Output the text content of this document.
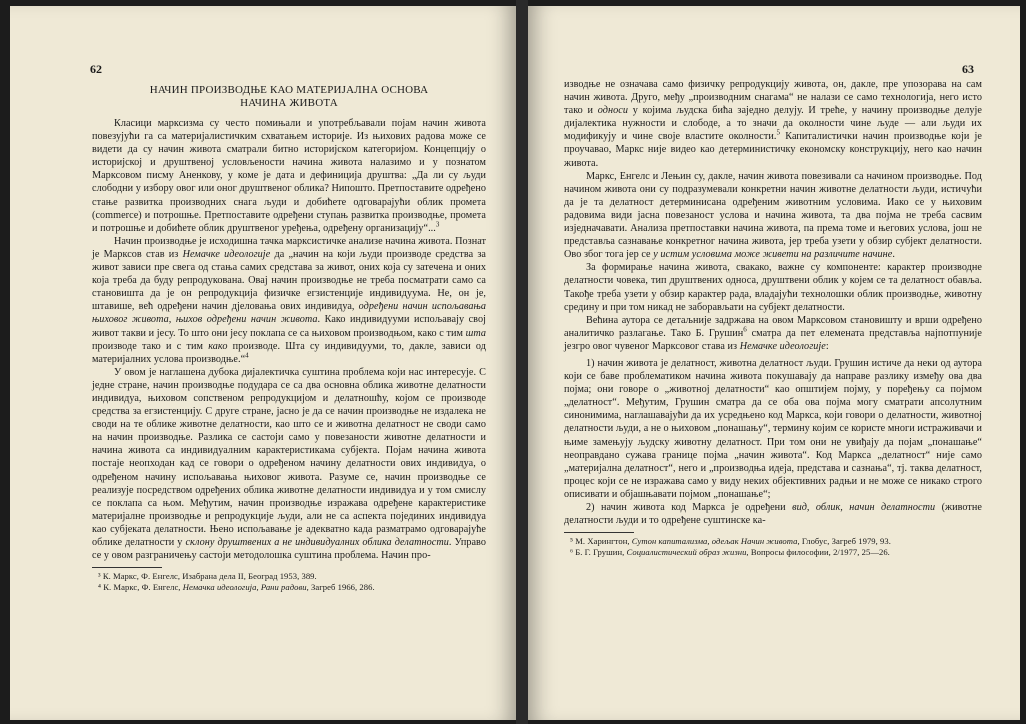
62
НАЧИН ПРОИЗВОДЊЕ КАО МАТЕРИЈАЛНА ОСНОВА
НАЧИНА ЖИВОТА

Класици марксизма су често помињали и употребљавали појам начин живота повезујући га са материјалистичким схватањем историје. Из њихових радова може се видети да су начин живота сматрали битно историјском категоријом. Концепцију о историјској и друштвеној условљености начина живота налазимо и у познатом Марксовом писму Аненкову, у коме је дата и дефиниција друштва: „Да ли су људи слободни у избору овог или оног друштвеног облика? Нипошто. Претпоставите одређено стање развитка производних снага људи и добићете одговарајући облик промета (commerce) и потрошње. Претпоставите одређени ступањ развитка производње, промета и потрошње и добићете облик друштвеног уређења, одређену организацију“...$^3$

Начин производње је исходишна тачка марксистичке анализе начина живота. Познат је Марксов став из Немачке идеологије да „начин на који људи производе средства за живот зависи пре свега од стања самих средстава за живот, оних која су затечена и оних која треба да буду репродукована. Овај начин производње не треба посматрати само са становишта да је он репродукција физичке егзистенције индивидуума. Не, он је, штавише, већ одређени начин дјеловања ових индивидуа, одређени начин испољавања њиховог живота, њихов одређени начин живота. Како индивидууми испољавају свој живот такви и јесу. То што они јесу поклапа се са њиховом производњом, како с тим шта производе тако и с тим како производе. Шта су индивидууми, то, дакле, зависи од материјалних услова производње.“$^4$

У овом је наглашена дубока дијалектичка суштина проблема који нас интересује. С једне стране, начин производње подудара се са два основна облика животне делатности индивидуа, њиховом сопственом репродукцијом и делатношћу, којом се производе средства за егзистенцију. С друге стране, јасно је да се начин производње не издалека не своди на те облике животне делатности, као што се и животна делатност не своди само на начин производње. Разлика се састоји само у повезаности животне делатности и начина живота са индивидуалним карактеристикама субјекта. Појам начина живота постаје неопходан кад се говори о одређеном начину делатности ових индивидуа, о одређеном начину испољавања њиховог живота. Разуме се, начин производње се реализује посредством одређених облика животне делатности индивидуа и у том смислу се поклапа са њом. Међутим, начин производње изражава одређене карактеристике материјалне производње и репродукције људи, али не са аспекта појединих индивидуа као субјеката делатности. Њено испољавање је адекватно када разматрамо одговарајуће облике делатности у склону друштвених а не индивидуалних облика делатности. Управо се у овом разграничењу састоји методолошка суштина проблема. Начин про-

³ К. Маркс, Ф. Енгелс, Изабрана дела II, Београд 1953, 389.
⁴ К. Маркс, Ф. Енгелс, Немачка идеологија, Рани радови, Загреб 1966, 286.
63

изводње не означава само физичку репродукцију живота, он, дакле, пре упозорава на сам начин живота. Друго, међу „производним снагама“ не налази се само технологија, него исто тако и односи у којима људска бића заједно делују. И треће, у начину производње делује дијалектика нужности и слободе, а то значи да околности чине људе — али људи их модификују и чине своје властите околности.$^5$ Капиталистички начин производње који је проучавао, Маркс није видео као детерминистичку економску конструкцију, него као начин живота.

Маркс, Енгелс и Лењин су, дакле, начин живота повезивали са начином производње. Под начином живота они су подразумевали конкретни начин животне делатности људи, истичући да је та делатност детерминисана одређеним животним условима. Иако се у њиховим радовима види јасна повезаност услова и начина живота, та два појма не треба сасвим изједначавати. Анализа претпоставки начина живота, па према томе и његових услова, још не представља сазнавање конкретног начина живота, јер треба узети у обзир субјект делатности. Ово због тога јер се у истим условима може живети на различите начине.

За формирање начина живота, свакако, важне су компоненте: карактер производне делатности човека, тип друштвених односа, друштвени облик у којем се та делатност обавља. Такође треба узети у обзир карактер рада, владајући технолошки облик производње, животну средину и при том никад не заборављати на субјект делатности.

Већина аутора се детаљније задржава на овом Марксовом становишту и врши одређено аналитичко разлагање. Тако Б. Грушин$^6$ сматра да пет елемената представља најпотпуније језгро овог чувеног Марксовог става из Немачке идеологије:

1) начин живота је делатност, животна делатност људи. Грушин истиче да неки од аутора који се баве проблематиком начина живота покушавају да направе разлику између ова два појма; они говоре о „животној делатности“ као општијем појму, у поређењу са појмом „делатност“. Међутим, Грушин сматра да се оба ова појма могу сматрати апсолутним синонимима, наглашавајући да их усредњено код Маркса, који говори о делатности, животној делатности људи, а не о њиховом „понашању“, термину којим се користе многи истраживачи и њиме замењују људску животну делатност. При том они не увиђају да појам „понашање“ неоправдано сужава границе појма „начин живота“. Код Маркса „делатност“ није само „материјална делатност“, него и „производња идеја, представа и сазнања“, тј. таква делатност, процес који се не изражава само у виду неких објективних радњи и не може се никако строго описивати и објашњавати појмом „понашање“;

2) начин живота код Маркса је одређени вид, облик, начин делатности (животне делатности људи и то одређене суштинске ка-

⁵ М. Харингтон, Сутон капитализма, одељак Начин живота, Глобус, Загреб 1979, 93.
⁶ Б. Г. Грушин, Социалистический образ жизни, Вопросы философии, 2/1977, 25—26.
